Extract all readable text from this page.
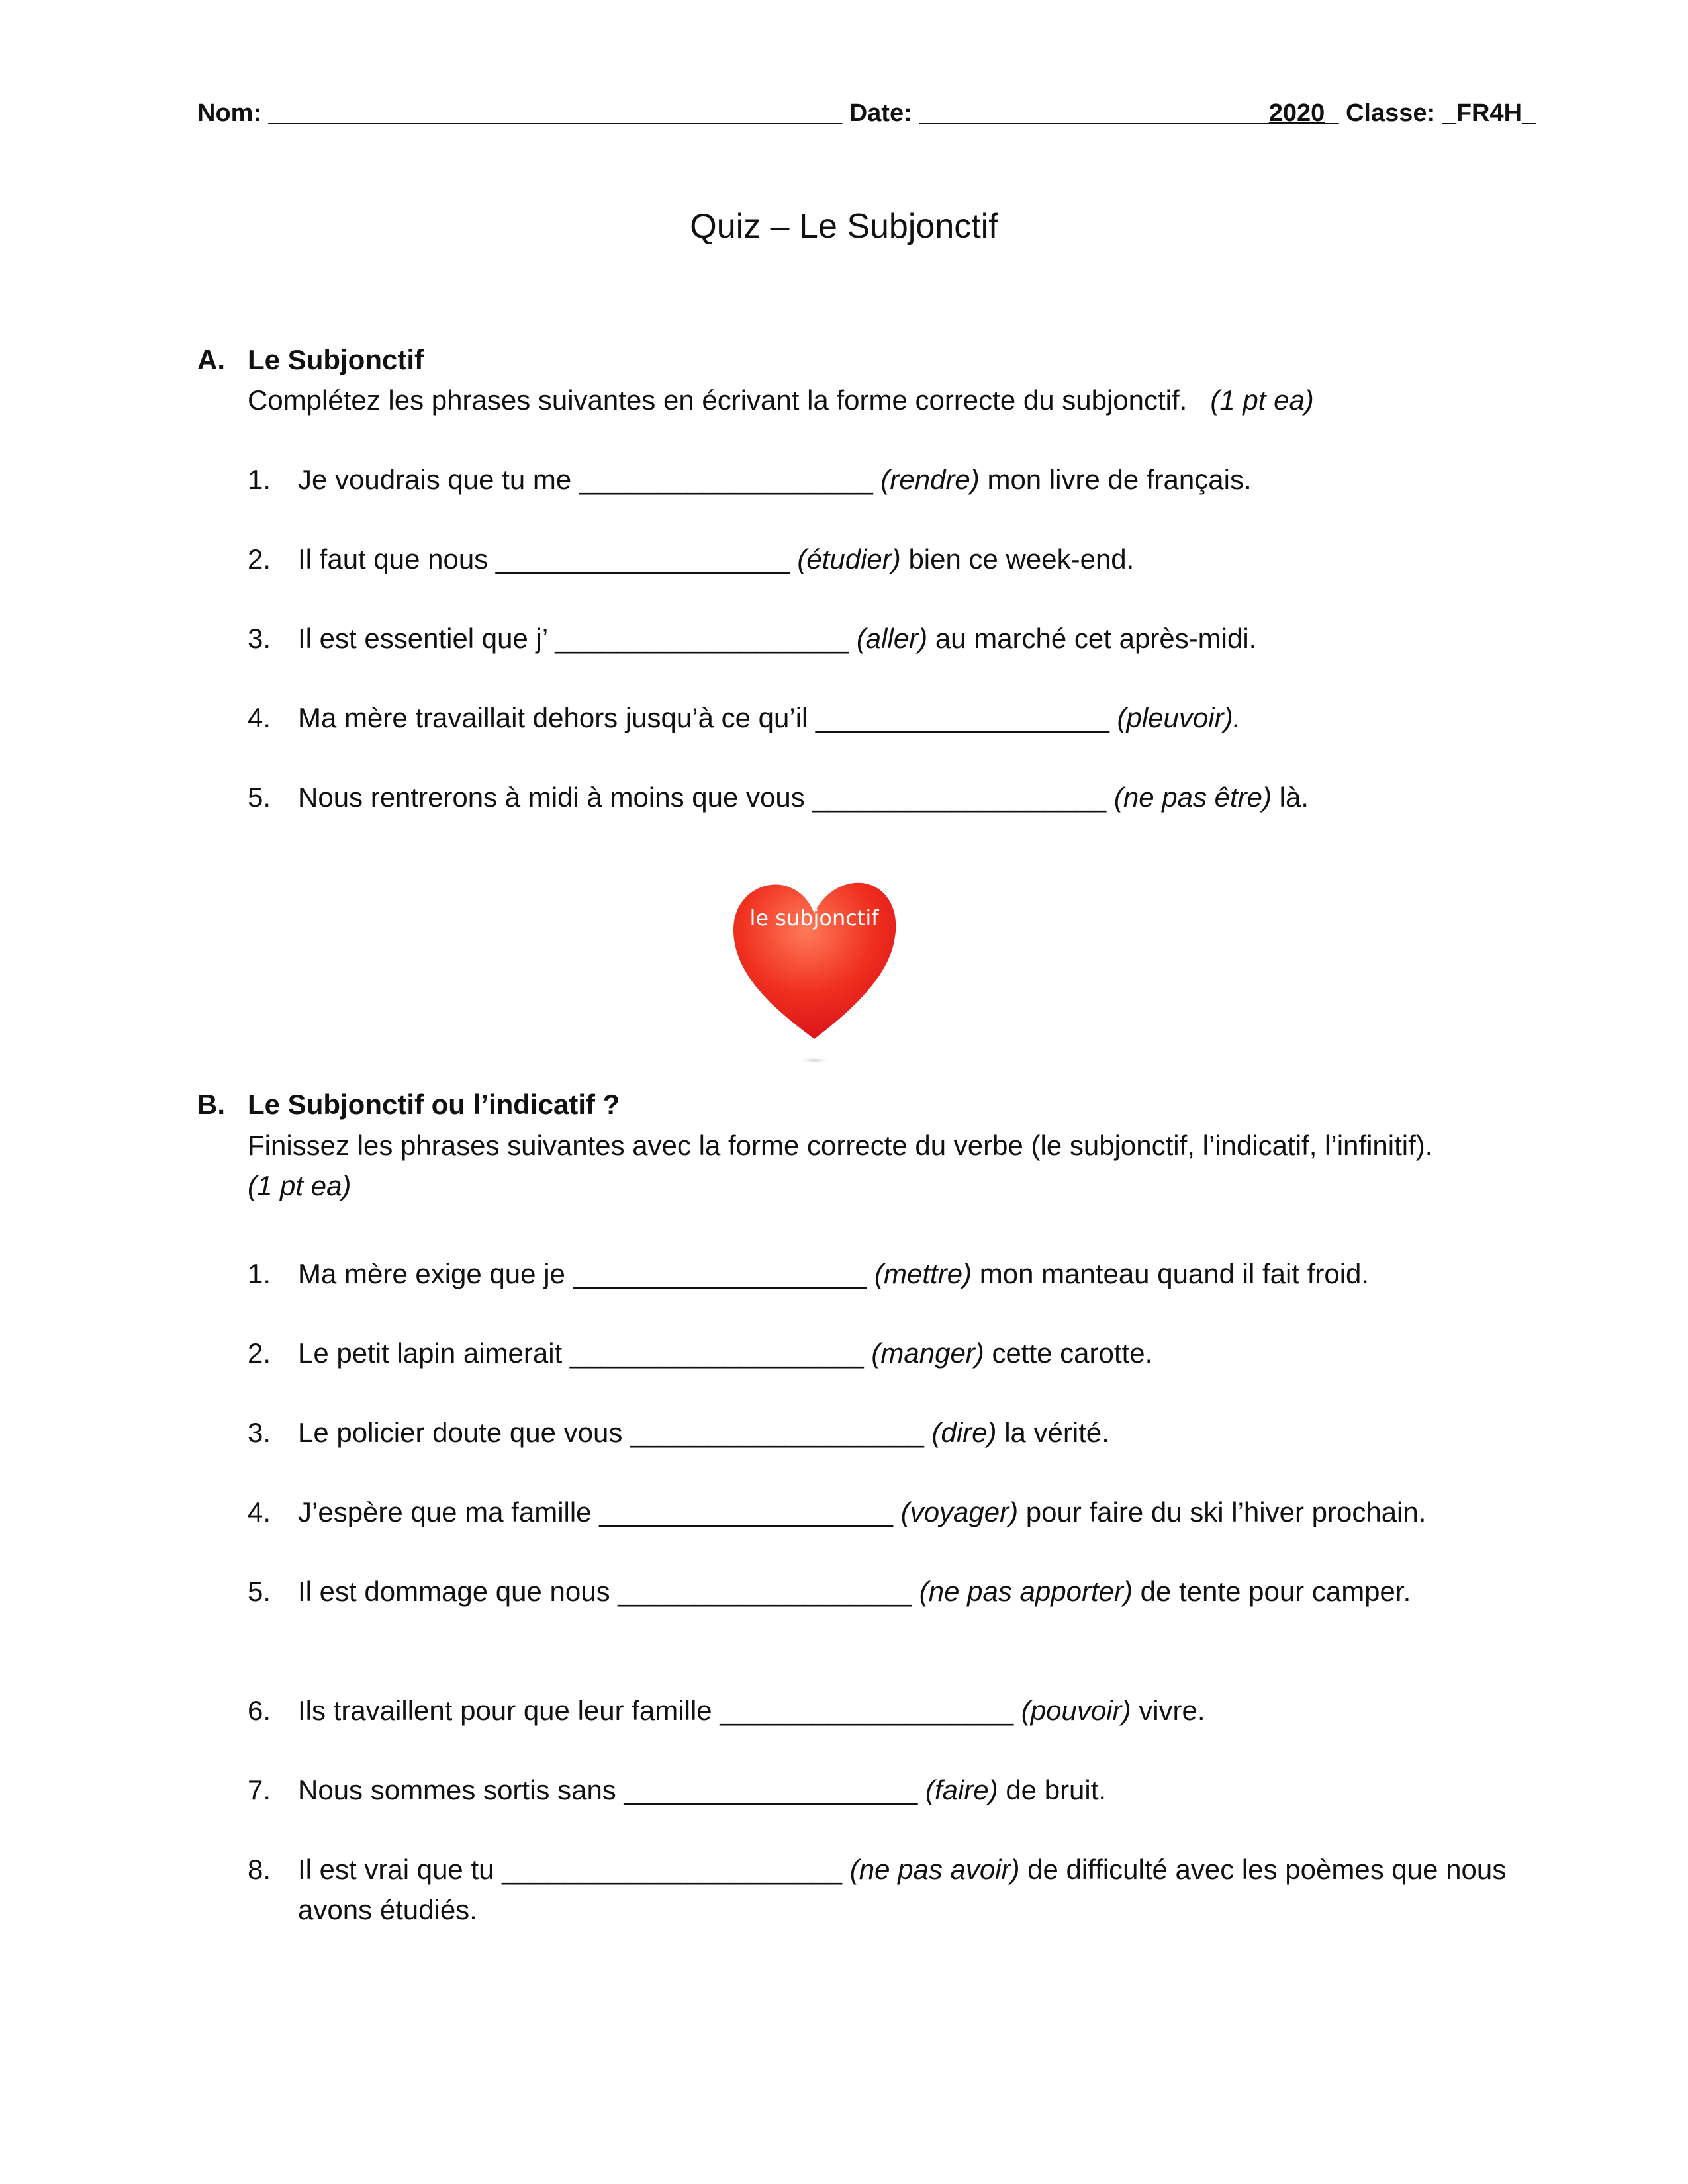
Nom: _________________________________________ Date: _________________________2020_ Classe: _FR4H_
Quiz – Le Subjonctif
A. Le Subjonctif
Complétez les phrases suivantes en écrivant la forme correcte du subjonctif. (1 pt ea)
1. Je voudrais que tu me ___________________ (rendre) mon livre de français.
2. Il faut que nous ___________________ (étudier) bien ce week-end.
3. Il est essentiel que j’ ___________________ (aller) au marché cet après-midi.
4. Ma mère travaillait dehors jusqu’à ce qu’il ___________________ (pleuvoir).
5. Nous rentrerons à midi à moins que vous ___________________ (ne pas être) là.
le subjonctif
B. Le Subjonctif ou l’indicatif ?
Finissez les phrases suivantes avec la forme correcte du verbe (le subjonctif, l’indicatif, l’infinitif).   (1 pt ea)
1. Ma mère exige que je ___________________ (mettre) mon manteau quand il fait froid.
2. Le petit lapin aimerait ___________________ (manger) cette carotte.
3. Le policier doute que vous ___________________ (dire) la vérité.
4. J’espère que ma famille ___________________ (voyager) pour faire du ski l’hiver prochain.
5. Il est dommage que nous ___________________ (ne pas apporter) de tente pour camper.
6. Ils travaillent pour que leur famille ___________________ (pouvoir) vivre.
7. Nous sommes sortis sans ___________________ (faire) de bruit.
8. Il est vrai que tu ______________________ (ne pas avoir) de difficulté avec les poèmes que nous avons étudiés.
